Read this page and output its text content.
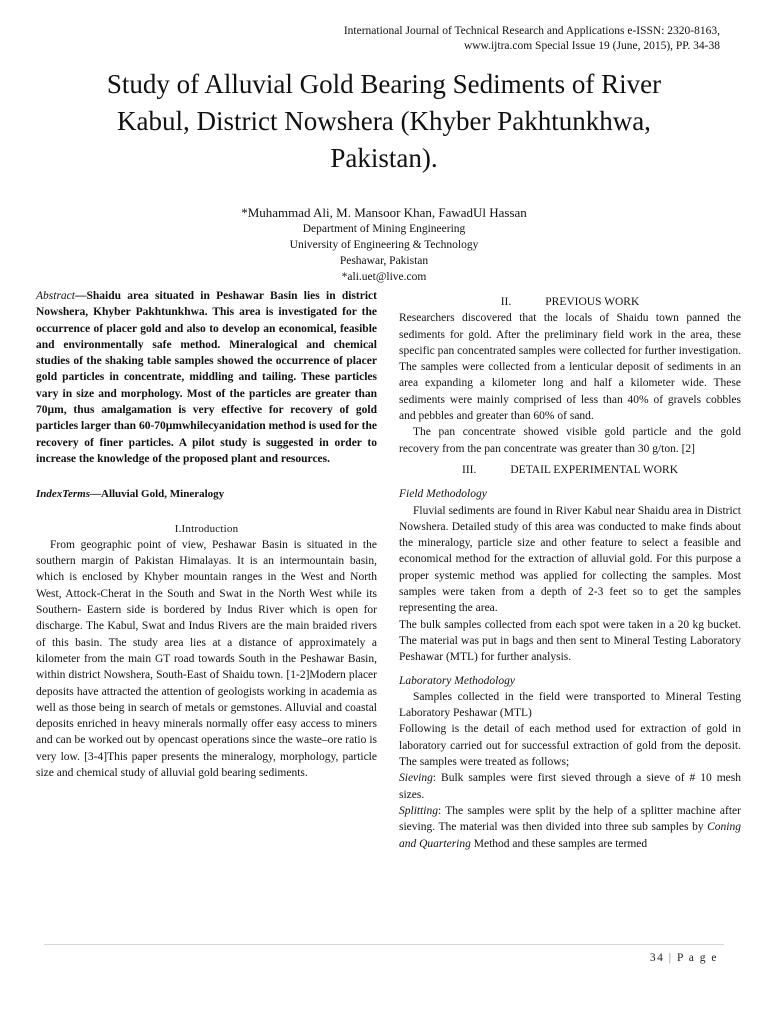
International Journal of Technical Research and Applications e-ISSN: 2320-8163,
www.ijtra.com Special Issue 19 (June, 2015), PP. 34-38
Study of Alluvial Gold Bearing Sediments of River
Kabul, District Nowshera (Khyber Pakhtunkhwa,
Pakistan).
*Muhammad Ali, M. Mansoor Khan, FawadUl Hassan
Department of Mining Engineering
University of Engineering & Technology
Peshawar, Pakistan
*ali.uet@live.com

Abstract—Shaidu area situated in Peshawar Basin lies in district Nowshera, Khyber Pakhtunkhwa. This area is investigated for the occurrence of placer gold and also to develop an economical, feasible and environmentally safe method. Mineralogical and chemical studies of the shaking table samples showed the occurrence of placer gold particles in concentrate, middling and tailing. These particles vary in size and morphology. Most of the particles are greater than 70µm, thus amalgamation is very effective for recovery of gold particles larger than 60-70µmwhilecyanidation method is used for the recovery of finer particles. A pilot study is suggested in order to increase the knowledge of the proposed plant and resources.

IndexTerms—Alluvial Gold, Mineralogy

I.Introduction

From geographic point of view, Peshawar Basin is situated in the southern margin of Pakistan Himalayas. It is an intermountain basin, which is enclosed by Khyber mountain ranges in the West and North West, Attock-Cherat in the South and Swat in the North West while its Southern- Eastern side is bordered by Indus River which is open for discharge. The Kabul, Swat and Indus Rivers are the main braided rivers of this basin. The study area lies at a distance of approximately a kilometer from the main GT road towards South in the Peshawar Basin, within district Nowshera, South-East of Shaidu town. [1-2]Modern placer deposits have attracted the attention of geologists working in academia as well as those being in search of metals or gemstones. Alluvial and coastal deposits enriched in heavy minerals normally offer easy access to miners and can be worked out by opencast operations since the waste–ore ratio is very low. [3-4]This paper presents the mineralogy, morphology, particle size and chemical study of alluvial gold bearing sediments.

II.	PREVIOUS WORK

Researchers discovered that the locals of Shaidu town panned the sediments for gold. After the preliminary field work in the area, these specific pan concentrated samples were collected for further investigation. The samples were collected from a lenticular deposit of sediments in an area expanding a kilometer long and half a kilometer wide. These sediments were mainly comprised of less than 40% of gravels cobbles and pebbles and greater than 60% of sand.

The pan concentrate showed visible gold particle and the gold recovery from the pan concentrate was greater than 30 g/ton. [2]

III.	DETAIL EXPERIMENTAL WORK
Field Methodology

Fluvial sediments are found in River Kabul near Shaidu area in District Nowshera. Detailed study of this area was conducted to make finds about the mineralogy, particle size and other feature to select a feasible and economical method for the extraction of alluvial gold. For this purpose a proper systemic method was applied for collecting the samples. Most samples were taken from a depth of 2-3 feet so to get the samples representing the area.

The bulk samples collected from each spot were taken in a 20 kg bucket. The material was put in bags and then sent to Mineral Testing Laboratory Peshawar (MTL) for further analysis.

Laboratory Methodology

Samples collected in the field were transported to Mineral Testing Laboratory Peshawar (MTL)

Following is the detail of each method used for extraction of gold in laboratory carried out for successful extraction of gold from the deposit. The samples were treated as follows;

Sieving: Bulk samples were first sieved through a sieve of # 10 mesh sizes.

Splitting: The samples were split by the help of a splitter machine after sieving. The material was then divided into three sub samples by Coning and Quartering Method and these samples are termed

34 | P a g e
